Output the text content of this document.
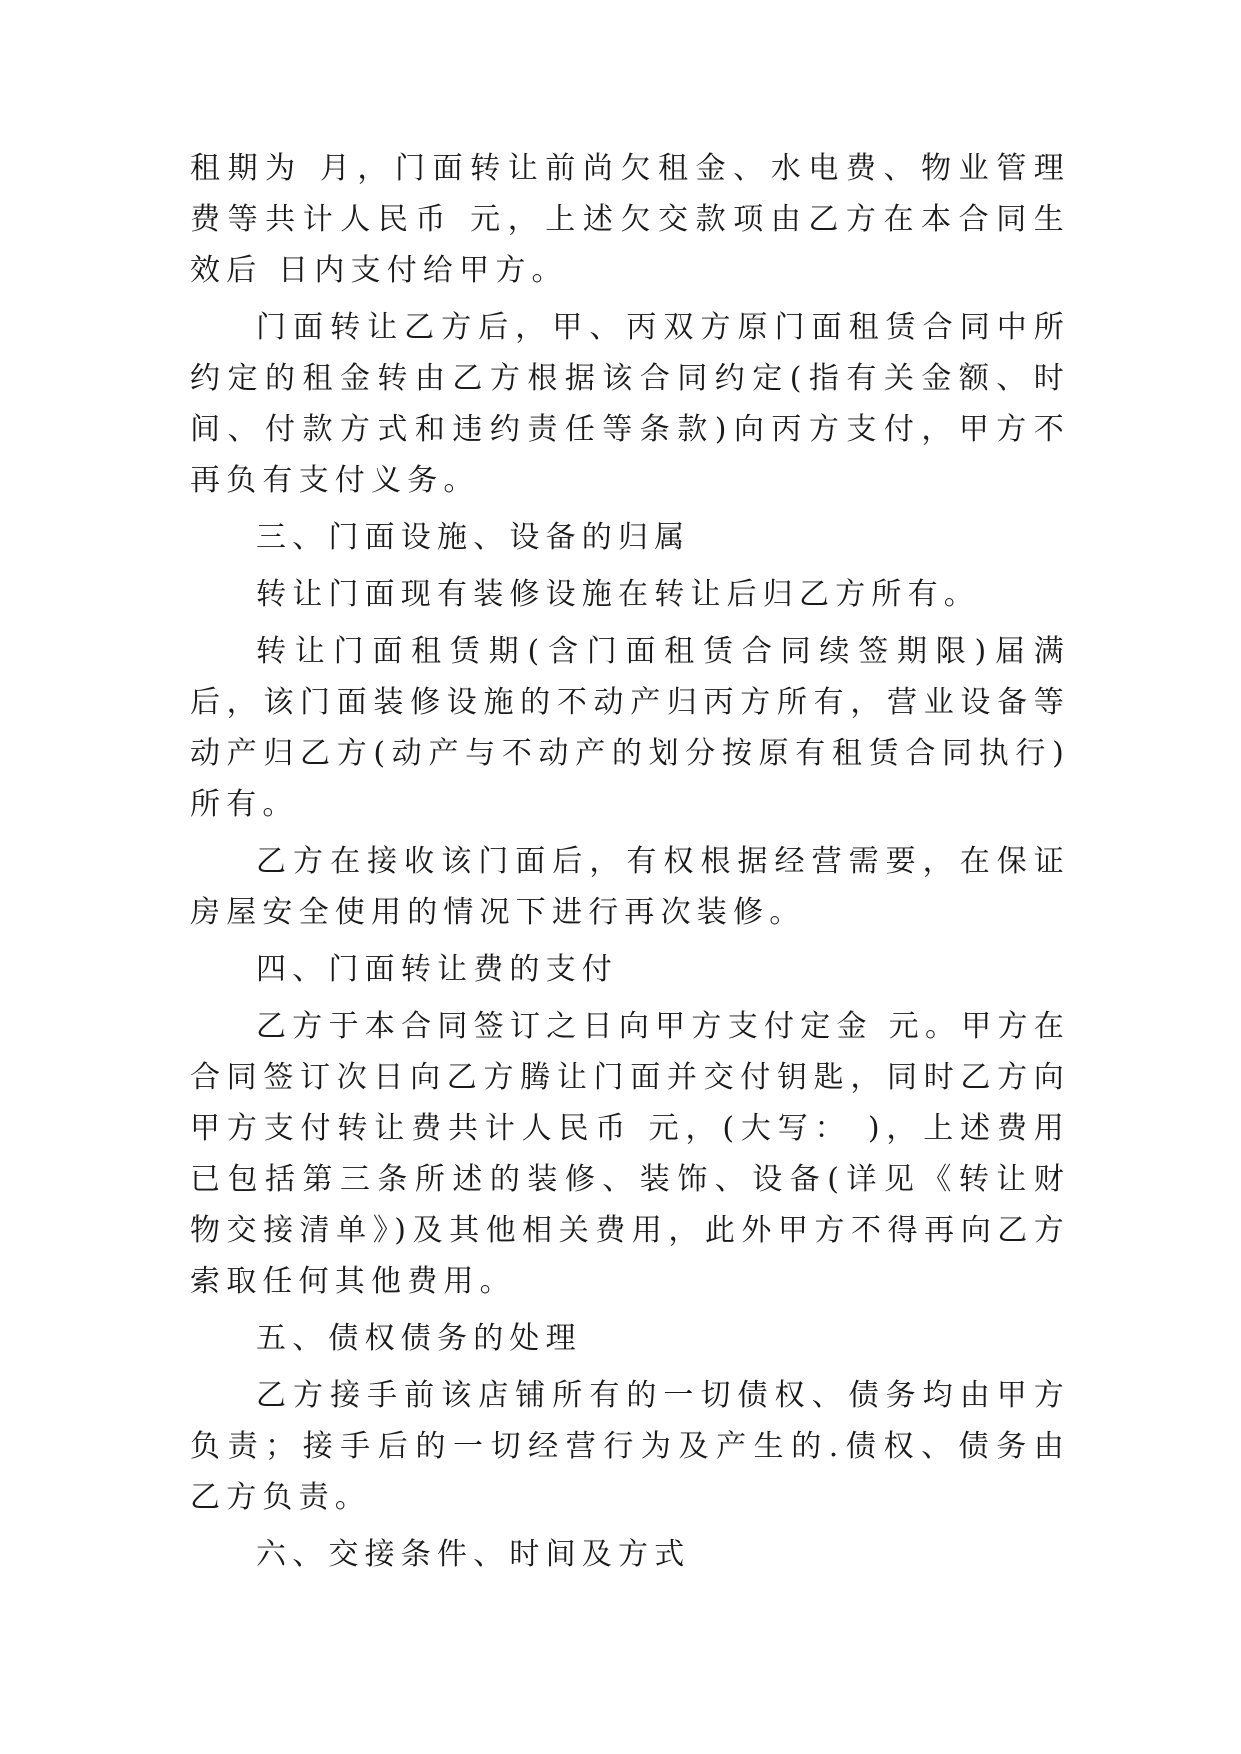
租期为 月，门面转让前尚欠租金、水电费、物业管理费等共计人民币 元，上述欠交款项由乙方在本合同生效后 日内支付给甲方。

门面转让乙方后，甲、丙双方原门面租赁合同中所约定的租金转由乙方根据该合同约定(指有关金额、时间、付款方式和违约责任等条款)向丙方支付，甲方不再负有支付义务。

三、门面设施、设备的归属

转让门面现有装修设施在转让后归乙方所有。

转让门面租赁期(含门面租赁合同续签期限)届满后，该门面装修设施的不动产归丙方所有，营业设备等动产归乙方(动产与不动产的划分按原有租赁合同执行)所有。

乙方在接收该门面后，有权根据经营需要，在保证房屋安全使用的情况下进行再次装修。

四、门面转让费的支付

乙方于本合同签订之日向甲方支付定金 元。甲方在合同签订次日向乙方腾让门面并交付钥匙，同时乙方向甲方支付转让费共计人民币 元，(大写： )，上述费用已包括第三条所述的装修、装饰、设备(详见《转让财物交接清单》)及其他相关费用，此外甲方不得再向乙方索取任何其他费用。

五、债权债务的处理

乙方接手前该店铺所有的一切债权、债务均由甲方负责；接手后的一切经营行为及产生的.债权、债务由乙方负责。

六、交接条件、时间及方式
